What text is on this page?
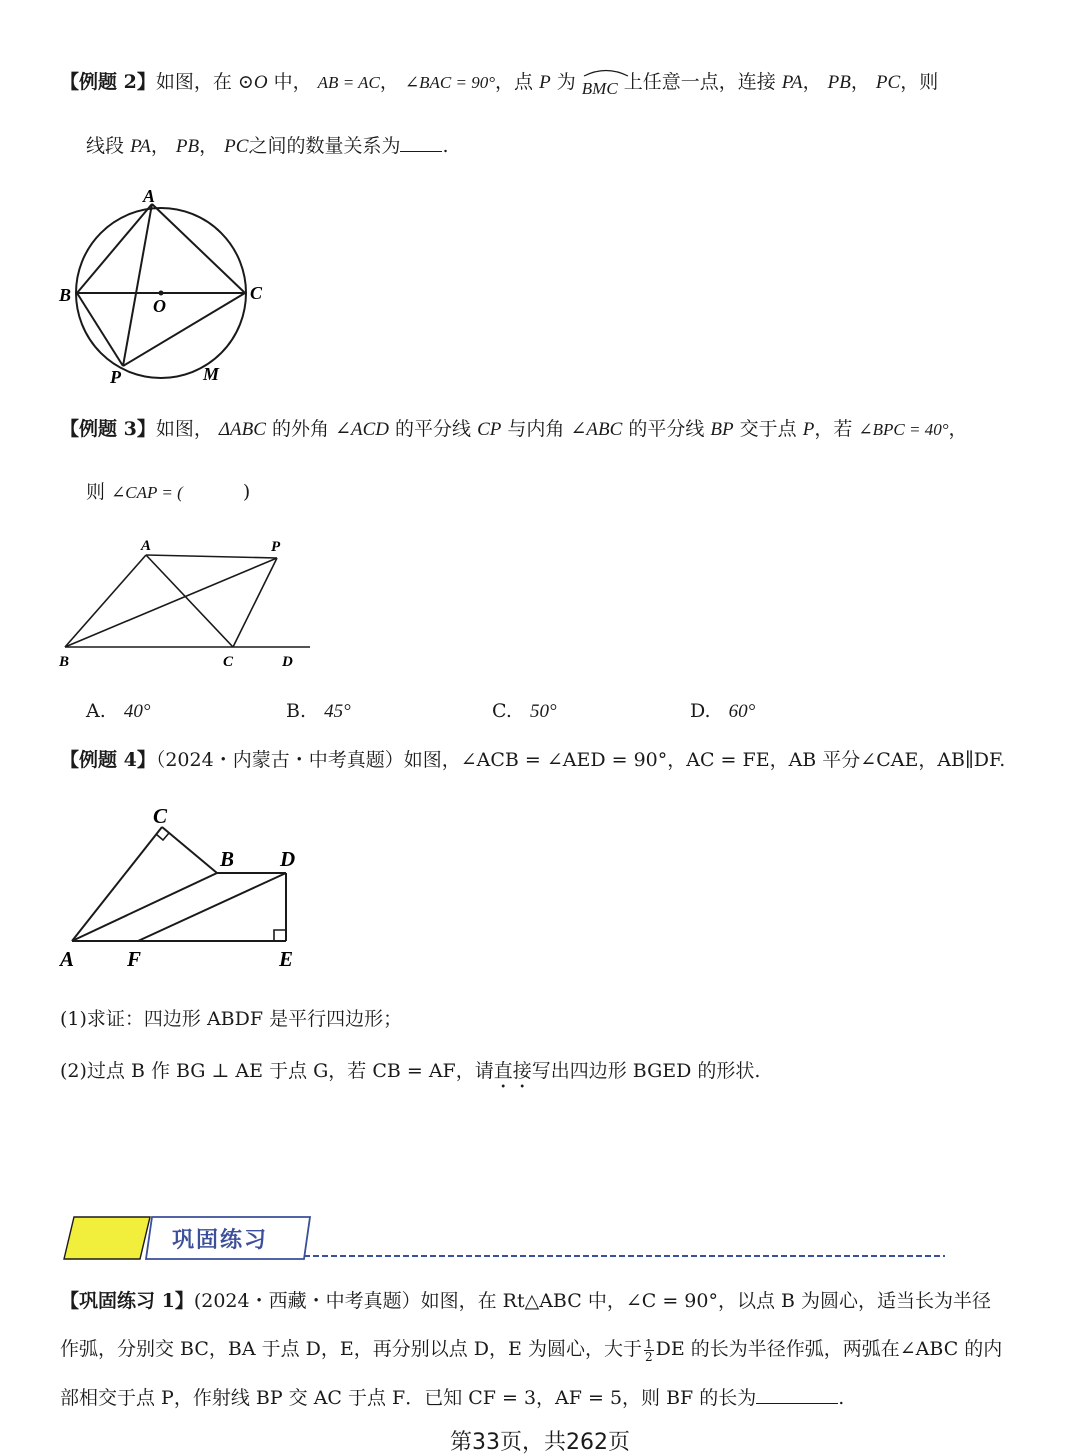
【例题 2】如图，在 ⊙O 中， AB = AC， ∠BAC = 90°，点 P 为 BMC 上任意一点，连接 PA， PB， PC，则
线段 PA， PB， PC之间的数量关系为 .
A
B	C
O
P	M
【例题 3】如图， ΔABC 的外角 ∠ACD 的平分线 CP 与内角 ∠ABC 的平分线 BP 交于点 P，若 ∠BPC = 40°，
则 ∠CAP = (	)
A	P
B	C	D
A. 40°	B. 45°	C. 50°	D. 60°
【例题 4】（2024・内蒙古・中考真题）如图，∠ACB = ∠AED = 90°，AC = FE，AB 平分∠CAE，AB∥DF.
C
B D
A	F	E
(1)求证：四边形 ABDF 是平行四边形；
(2)过点 B 作 BG ⊥ AE 于点 G，若 CB = AF，请直接写出四边形 BGED 的形状.
巩固练习
【巩固练习 1】(2024・西藏・中考真题）如图，在 Rt△ABC 中，∠C = 90°，以点 B 为圆心，适当长为半径
作弧，分别交 BC，BA 于点 D，E，再分别以点 D，E 为圆心，大于 $\frac{1}{2}$ DE 的长为半径作弧，两弧在∠ABC 的内
部相交于点 P，作射线 BP 交 AC 于点 F．已知 CF = 3，AF = 5，则 BF 的长为	.
第33页，共262页
